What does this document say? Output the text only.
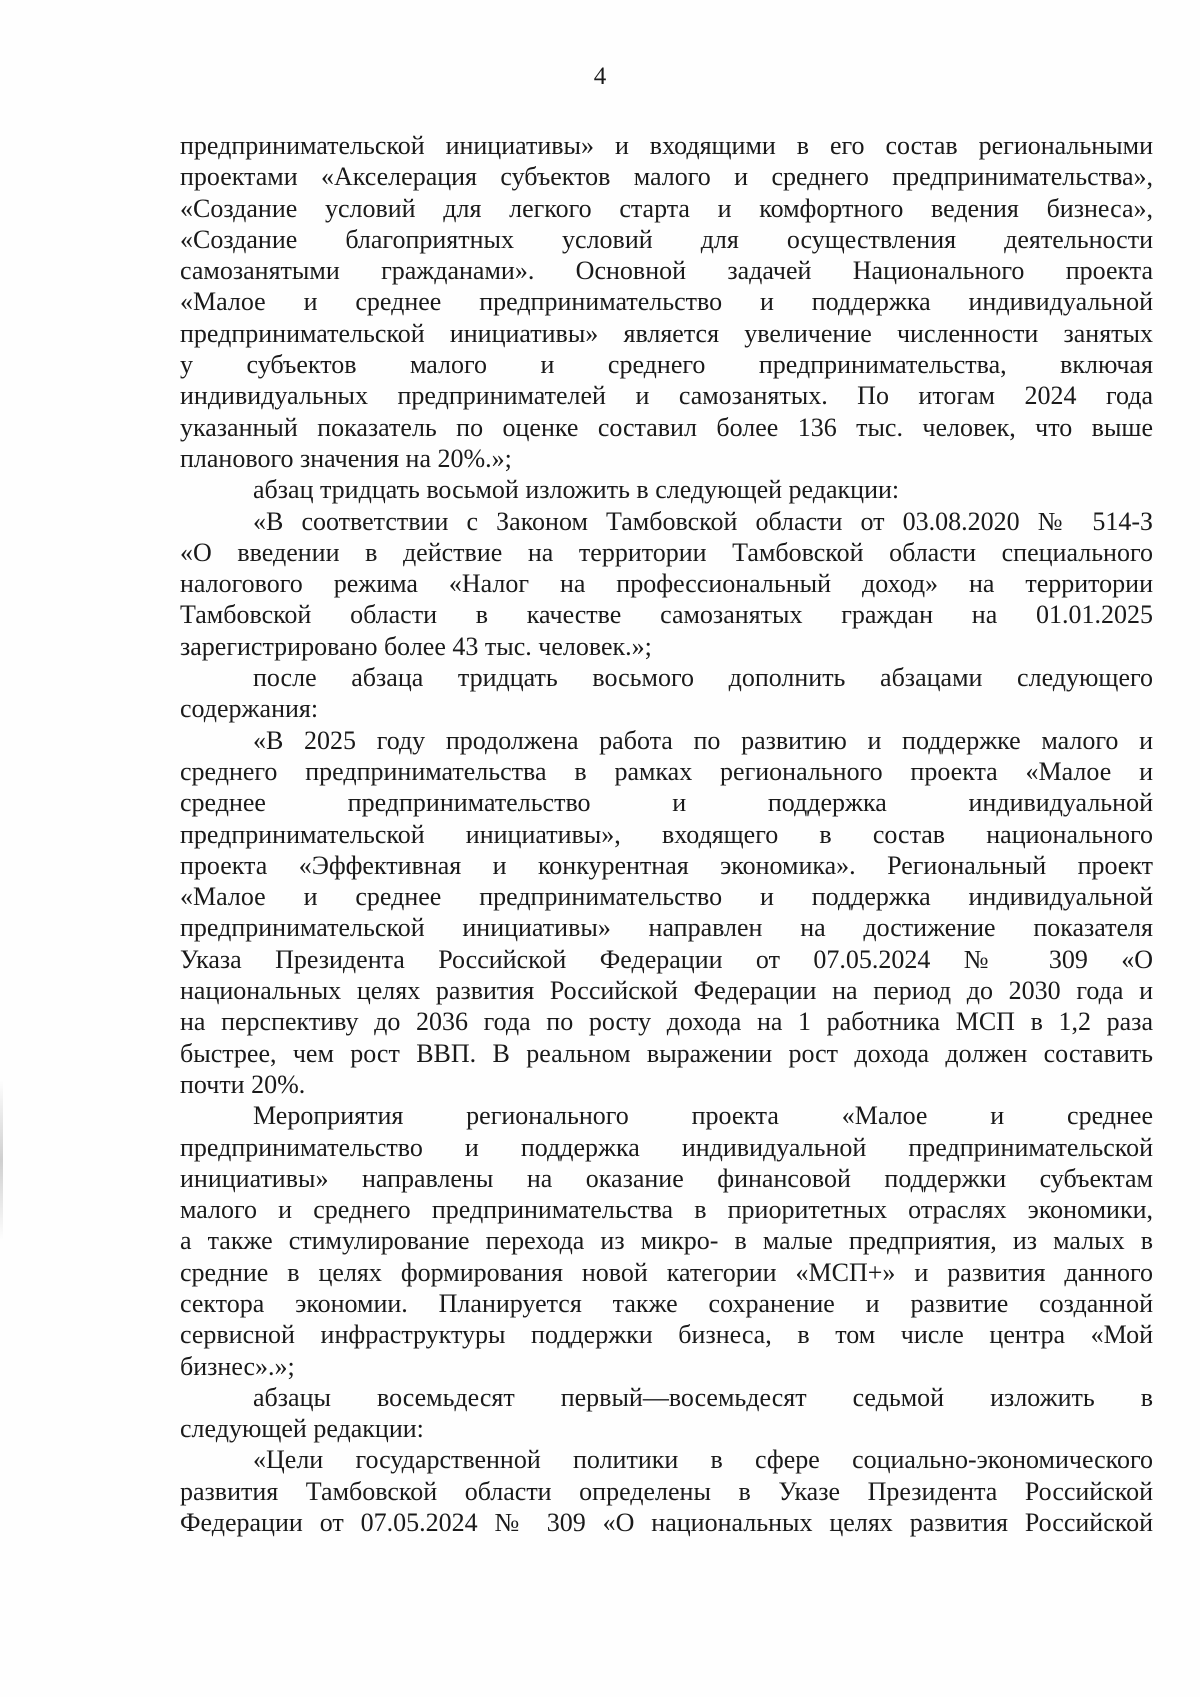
4
предпринимательской инициативы» и входящими в его состав региональными
проектами «Акселерация субъектов малого и среднего предпринимательства»,
«Создание условий для легкого старта и комфортного ведения бизнеса»,
«Создание благоприятных условий для осуществления деятельности
самозанятыми гражданами». Основной задачей Национального проекта
«Малое и среднее предпринимательство и поддержка индивидуальной
предпринимательской инициативы» является увеличение численности занятых
у субъектов малого и среднего предпринимательства, включая
индивидуальных предпринимателей и самозанятых. По итогам 2024 года
указанный показатель по оценке составил более 136 тыс. человек, что выше
планового значения на 20%.»;
абзац тридцать восьмой изложить в следующей редакции:
«В соответствии с Законом Тамбовской области от 03.08.2020 № 514-З
«О введении в действие на территории Тамбовской области специального
налогового режима «Налог на профессиональный доход» на территории
Тамбовской области в качестве самозанятых граждан на 01.01.2025
зарегистрировано более 43 тыс. человек.»;
после абзаца тридцать восьмого дополнить абзацами следующего
содержания:
«В 2025 году продолжена работа по развитию и поддержке малого и
среднего предпринимательства в рамках регионального проекта «Малое и
среднее предпринимательство и поддержка индивидуальной
предпринимательской инициативы», входящего в состав национального
проекта «Эффективная и конкурентная экономика». Региональный проект
«Малое и среднее предпринимательство и поддержка индивидуальной
предпринимательской инициативы» направлен на достижение показателя
Указа Президента Российской Федерации от 07.05.2024 № 309 «О
национальных целях развития Российской Федерации на период до 2030 года и
на перспективу до 2036 года по росту дохода на 1 работника МСП в 1,2 раза
быстрее, чем рост ВВП. В реальном выражении рост дохода должен составить
почти 20%.
Мероприятия регионального проекта «Малое и среднее
предпринимательство и поддержка индивидуальной предпринимательской
инициативы» направлены на оказание финансовой поддержки субъектам
малого и среднего предпринимательства в приоритетных отраслях экономики,
а также стимулирование перехода из микро- в малые предприятия, из малых в
средние в целях формирования новой категории «МСП+» и развития данного
сектора экономии. Планируется также сохранение и развитие созданной
сервисной инфраструктуры поддержки бизнеса, в том числе центра «Мой
бизнес».»;
абзацы восемьдесят первый—восемьдесят седьмой изложить в
следующей редакции:
«Цели государственной политики в сфере социально-экономического
развития Тамбовской области определены в Указе Президента Российской
Федерации от 07.05.2024 № 309 «О национальных целях развития Российской
